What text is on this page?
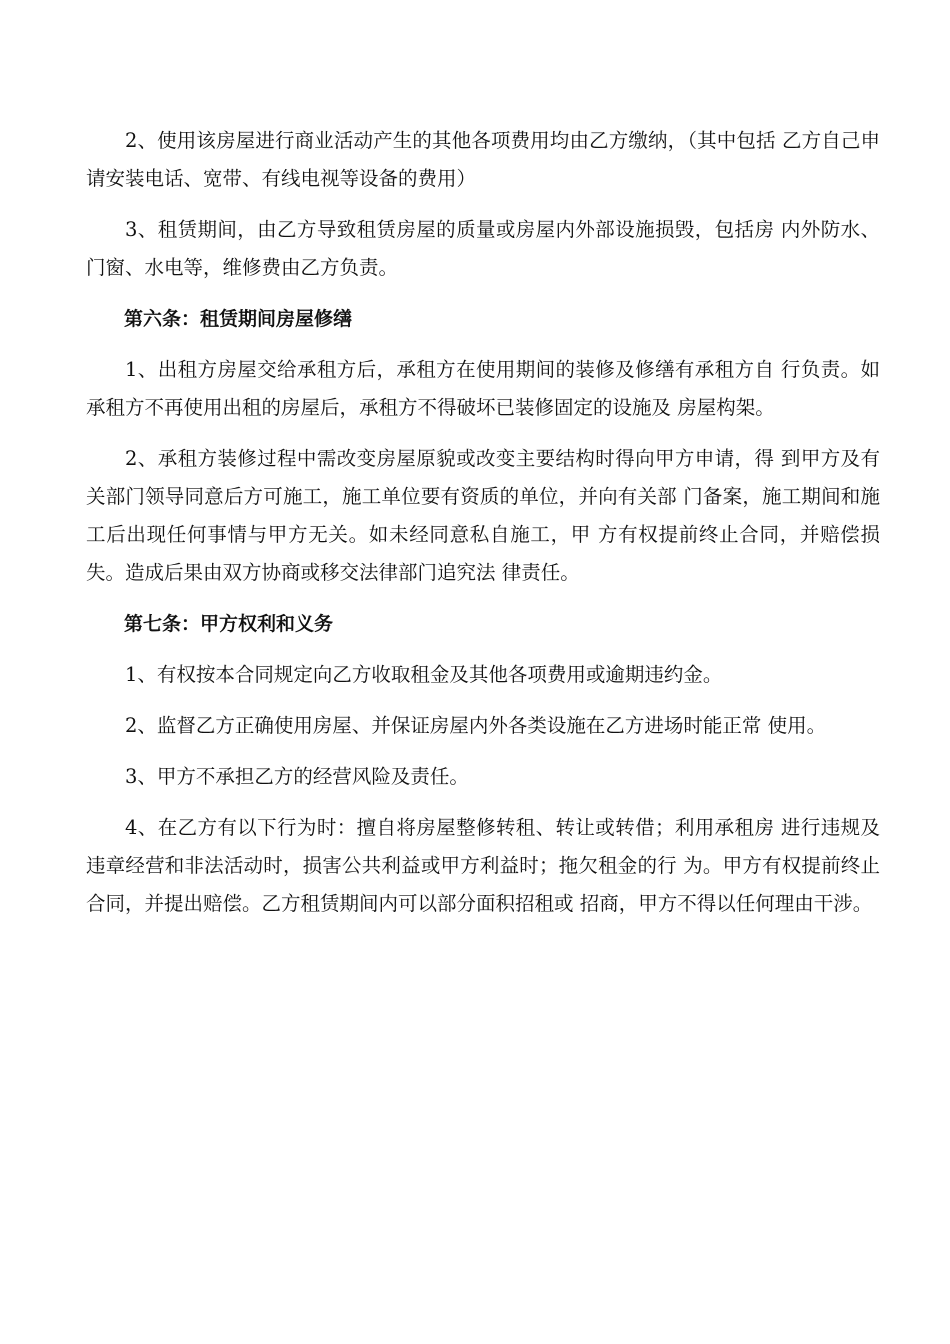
2、使用该房屋进行商业活动产生的其他各项费用均由乙方缴纳，（其中包括 乙方自己申请安装电话、宽带、有线电视等设备的费用）

3、租赁期间，由乙方导致租赁房屋的质量或房屋内外部设施损毁，包括房 内外防水、门窗、水电等，维修费由乙方负责。

第六条：租赁期间房屋修缮

1、出租方房屋交给承租方后，承租方在使用期间的装修及修缮有承租方自 行负责。如承租方不再使用出租的房屋后，承租方不得破坏已装修固定的设施及 房屋构架。

2、承租方装修过程中需改变房屋原貌或改变主要结构时得向甲方申请，得 到甲方及有关部门领导同意后方可施工，施工单位要有资质的单位，并向有关部 门备案，施工期间和施工后出现任何事情与甲方无关。如未经同意私自施工，甲 方有权提前终止合同，并赔偿损失。造成后果由双方协商或移交法律部门追究法 律责任。

第七条：甲方权利和义务

1、有权按本合同规定向乙方收取租金及其他各项费用或逾期违约金。

2、监督乙方正确使用房屋、并保证房屋内外各类设施在乙方进场时能正常 使用。

3、甲方不承担乙方的经营风险及责任。

4、在乙方有以下行为时：擅自将房屋整修转租、转让或转借；利用承租房 进行违规及违章经营和非法活动时，损害公共利益或甲方利益时；拖欠租金的行 为。甲方有权提前终止合同，并提出赔偿。乙方租赁期间内可以部分面积招租或 招商，甲方不得以任何理由干涉。
